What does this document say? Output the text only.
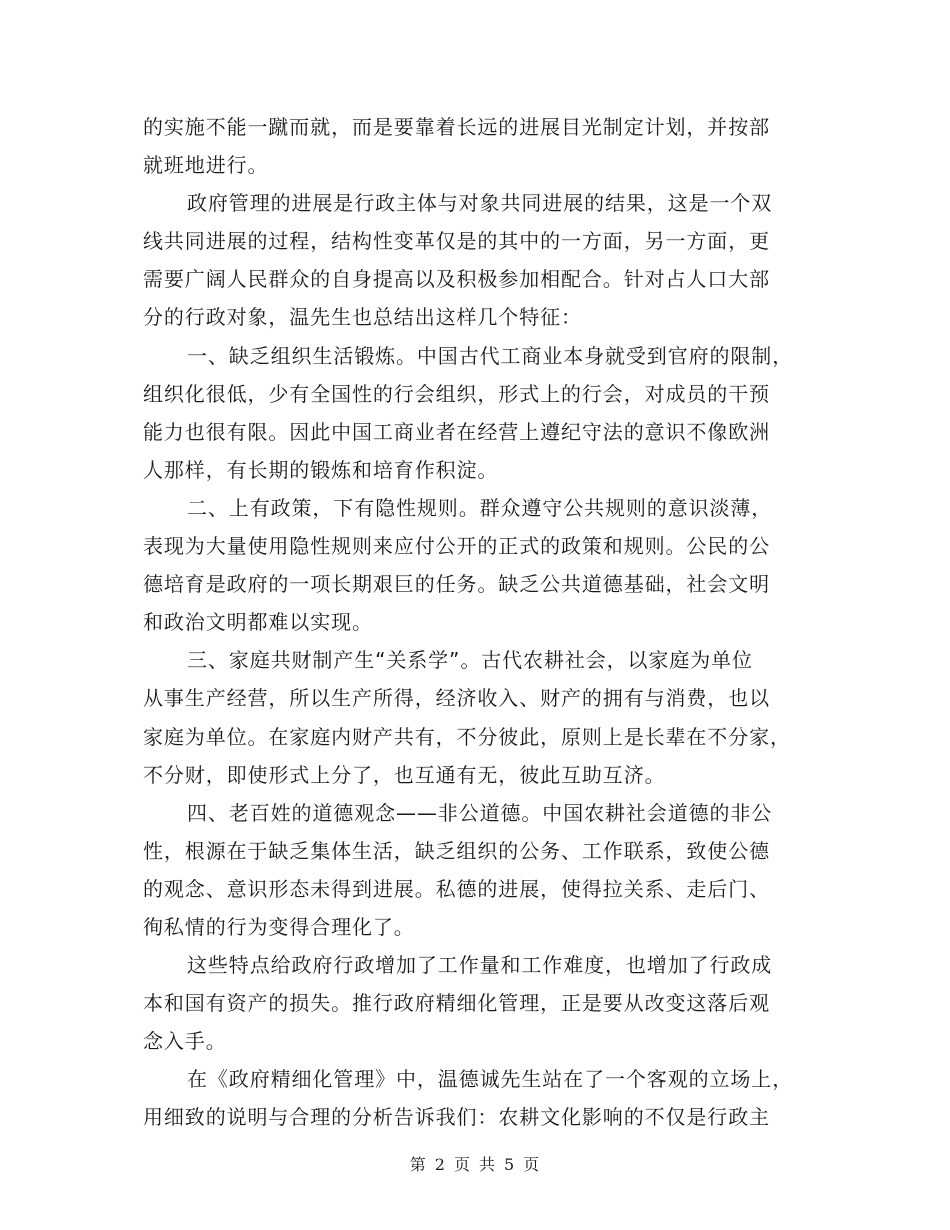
的实施不能一蹴而就，而是要靠着长远的进展目光制定计划，并按部
就班地进行。
政府管理的进展是行政主体与对象共同进展的结果，这是一个双
线共同进展的过程，结构性变革仅是的其中的一方面，另一方面，更
需要广阔人民群众的自身提高以及积极参加相配合。针对占人口大部
分的行政对象，温先生也总结出这样几个特征：
一、缺乏组织生活锻炼。中国古代工商业本身就受到官府的限制，
组织化很低，少有全国性的行会组织，形式上的行会，对成员的干预
能力也很有限。因此中国工商业者在经营上遵纪守法的意识不像欧洲
人那样，有长期的锻炼和培育作积淀。
二、上有政策，下有隐性规则。群众遵守公共规则的意识淡薄，
表现为大量使用隐性规则来应付公开的正式的政策和规则。公民的公
德培育是政府的一项长期艰巨的任务。缺乏公共道德基础，社会文明
和政治文明都难以实现。
三、家庭共财制产生“关系学”。古代农耕社会，以家庭为单位
从事生产经营，所以生产所得，经济收入、财产的拥有与消费，也以
家庭为单位。在家庭内财产共有，不分彼此，原则上是长辈在不分家，
不分财，即使形式上分了，也互通有无，彼此互助互济。
四、老百姓的道德观念——非公道德。中国农耕社会道德的非公
性，根源在于缺乏集体生活，缺乏组织的公务、工作联系，致使公德
的观念、意识形态未得到进展。私德的进展，使得拉关系、走后门、
徇私情的行为变得合理化了。
这些特点给政府行政增加了工作量和工作难度，也增加了行政成
本和国有资产的损失。推行政府精细化管理，正是要从改变这落后观
念入手。
在《政府精细化管理》中，温德诚先生站在了一个客观的立场上，
用细致的说明与合理的分析告诉我们：农耕文化影响的不仅是行政主
第 2 页 共 5 页
